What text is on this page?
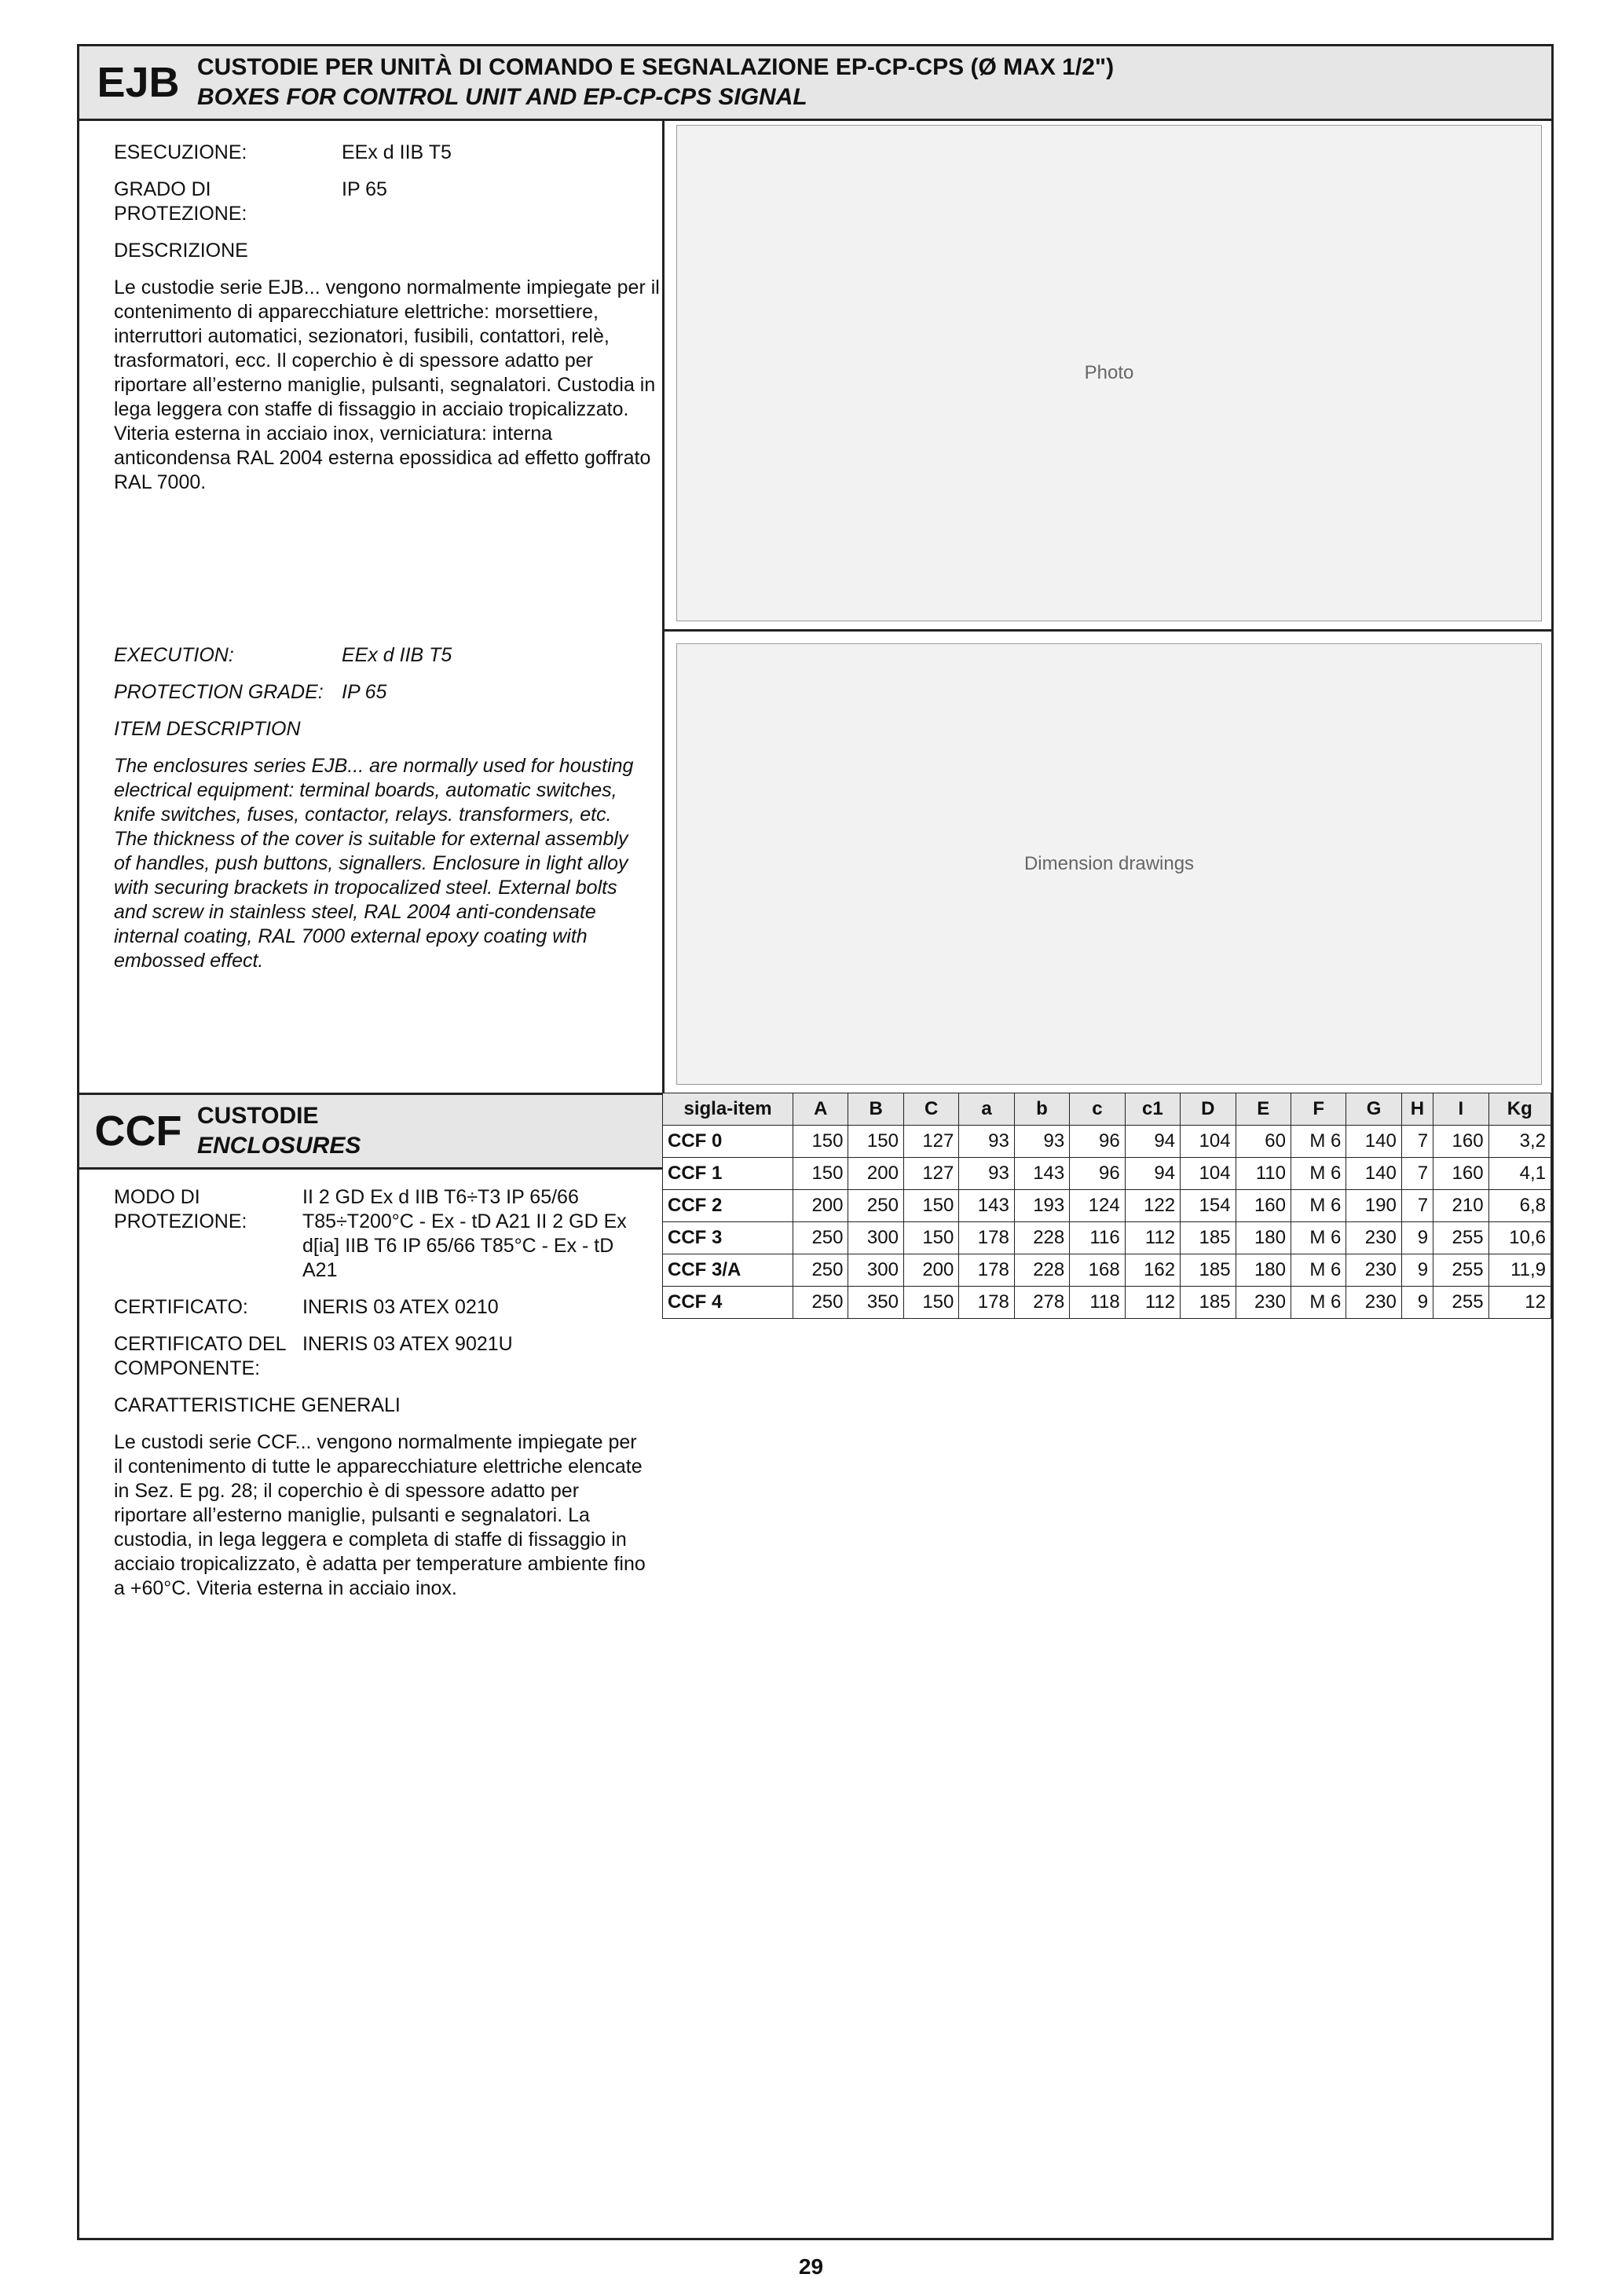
EJB CUSTODIE PER UNITÀ DI COMANDO E SEGNALAZIONE EP-CP-CPS (Ø MAX 1/2")
BOXES FOR CONTROL UNIT AND EP-CP-CPS SIGNAL

ESECUZIONE:	EEx d IIB T5

GRADO DI PROTEZIONE:
IP 65

DESCRIZIONE

Le custodie serie EJB... vengono normalmente impiegate per il contenimento di apparecchiature elettriche: morsettiere, interruttori automatici, sezionatori, fusibili, contattori, relè, trasformatori, ecc. Il coperchio è di spessore adatto per riportare all’esterno maniglie, pulsanti, segnalatori. Custodia in lega leggera con staffe di fissaggio in acciaio tropicalizzato. Viteria esterna in acciaio inox, verniciatura: interna anticondensa RAL 2004 esterna epossidica ad effetto goffrato RAL 7000.

Photo

EXECUTION:	EEx d IIB T5

PROTECTION GRADE: IP 65

ITEM DESCRIPTION

The enclosures series EJB... are normally used for housting electrical equipment: terminal boards, automatic switches, knife switches, fuses, contactor, relays. transformers, etc. The thickness of the cover is suitable for external assembly of handles, push buttons, signallers. Enclosure in light alloy with securing brackets in tropocalized steel. External bolts and screw in stainless steel, RAL 2004 anti-condensate internal coating, RAL 7000 external epoxy coating with embossed effect.

Dimension drawings
CCF CUSTODIE
ENCLOSURES

MODO DI PROTEZIONE:
II 2 GD Ex d IIB T6÷T3 IP 65/66 T85÷T200°C - Ex - tD A21 II 2 GD Ex d[ia] IIB T6 IP 65/66 T85°C - Ex - tD A21

CERTIFICATO:	INERIS 03 ATEX 0210

CERTIFICATO DEL COMPONENTE:
INERIS 03 ATEX 9021U

CARATTERISTICHE GENERALI

Le custodi serie CCF... vengono normalmente impiegate per il contenimento di tutte le apparecchiature elettriche elencate in Sez. E pg. 28; il coperchio è di spessore adatto per riportare all’esterno maniglie, pulsanti e segnalatori. La custodia, in lega leggera e completa di staffe di fissaggio in acciaio tropicalizzato, è adatta per temperature ambiente fino a +60°C. Viteria esterna in acciaio inox.

sigla-item	A	B	C	a	b	c	c1	D	E	F	G	H	I	Kg
CCF 0	150	150	127	93	93	96	94	104	60	M 6	140	7	160	3,2
CCF 1	150	200	127	93	143	96	94	104	110	M 6	140	7	160	4,1
CCF 2	200	250	150	143	193	124	122	154	160	M 6	190	7	210	6,8
CCF 3	250	300	150	178	228	116	112	185	180	M 6	230	9	255	10,6
CCF 3/A	250	300	200	178	228	168	162	185	180	M 6	230	9	255	11,9
CCF 4	250	350	150	178	278	118	112	185	230	M 6	230	9	255	12
29
